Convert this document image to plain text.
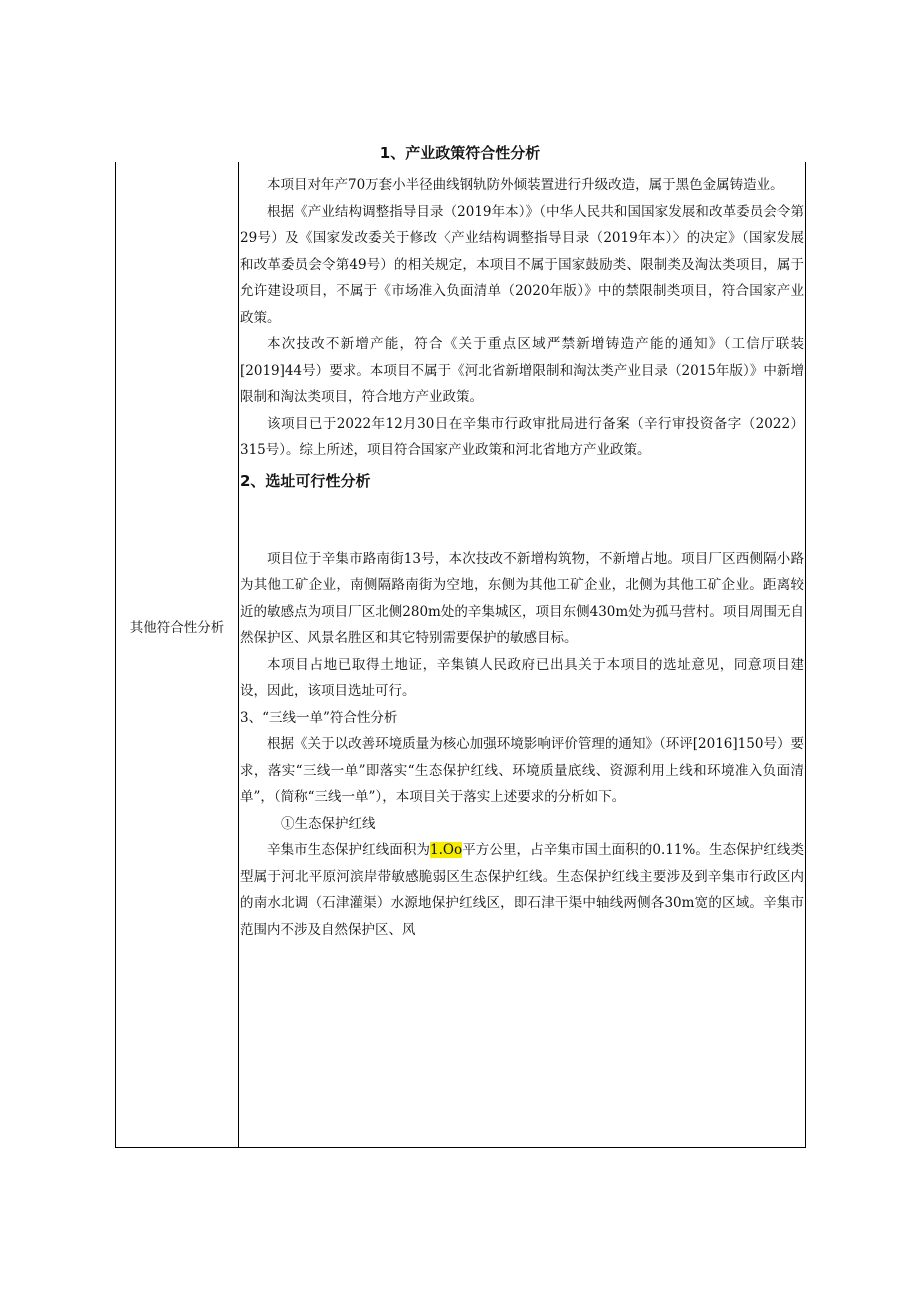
1、产业政策符合性分析
其他符合性分析

本项目对年产70万套小半径曲线钢轨防外倾装置进行升级改造，属于黑色金属铸造业。

根据《产业结构调整指导目录（2019年本）》（中华人民共和国国家发展和改革委员会令第29号）及《国家发改委关于修改〈产业结构调整指导目录（2019年本）〉的决定》（国家发展和改革委员会令第49号）的相关规定，本项目不属于国家鼓励类、限制类及淘汰类项目，属于允许建设项目，不属于《市场准入负面清单（2020年版）》中的禁限制类项目，符合国家产业政策。

本次技改不新增产能，符合《关于重点区域严禁新增铸造产能的通知》（工信厅联装[2019]44号）要求。本项目不属于《河北省新增限制和淘汰类产业目录（2015年版）》中新增限制和淘汰类项目，符合地方产业政策。

该项目已于2022年12月30日在辛集市行政审批局进行备案（辛行审投资备字（2022）315号）。综上所述，项目符合国家产业政策和河北省地方产业政策。

2、选址可行性分析

项目位于辛集市路南街13号，本次技改不新增构筑物，不新增占地。项目厂区西侧隔小路为其他工矿企业，南侧隔路南街为空地，东侧为其他工矿企业，北侧为其他工矿企业。距离较近的敏感点为项目厂区北侧280m处的辛集城区，项目东侧430m处为孤马营村。项目周围无自然保护区、风景名胜区和其它特别需要保护的敏感目标。

本项目占地已取得土地证，辛集镇人民政府已出具关于本项目的选址意见，同意项目建设，因此，该项目选址可行。

3、“三线一单”符合性分析

根据《关于以改善环境质量为核心加强环境影响评价管理的通知》（环评[2016]150号）要求，落实“三线一单”即落实“生态保护红线、环境质量底线、资源利用上线和环境准入负面清单”，（简称“三线一单”），本项目关于落实上述要求的分析如下。

①生态保护红线

辛集市生态保护红线面积为1.Oo平方公里，占辛集市国土面积的0.11%。生态保护红线类型属于河北平原河滨岸带敏感脆弱区生态保护红线。生态保护红线主要涉及到辛集市行政区内的南水北调（石津灌渠）水源地保护红线区，即石津干渠中轴线两侧各30m宽的区域。辛集市范围内不涉及自然保护区、风
